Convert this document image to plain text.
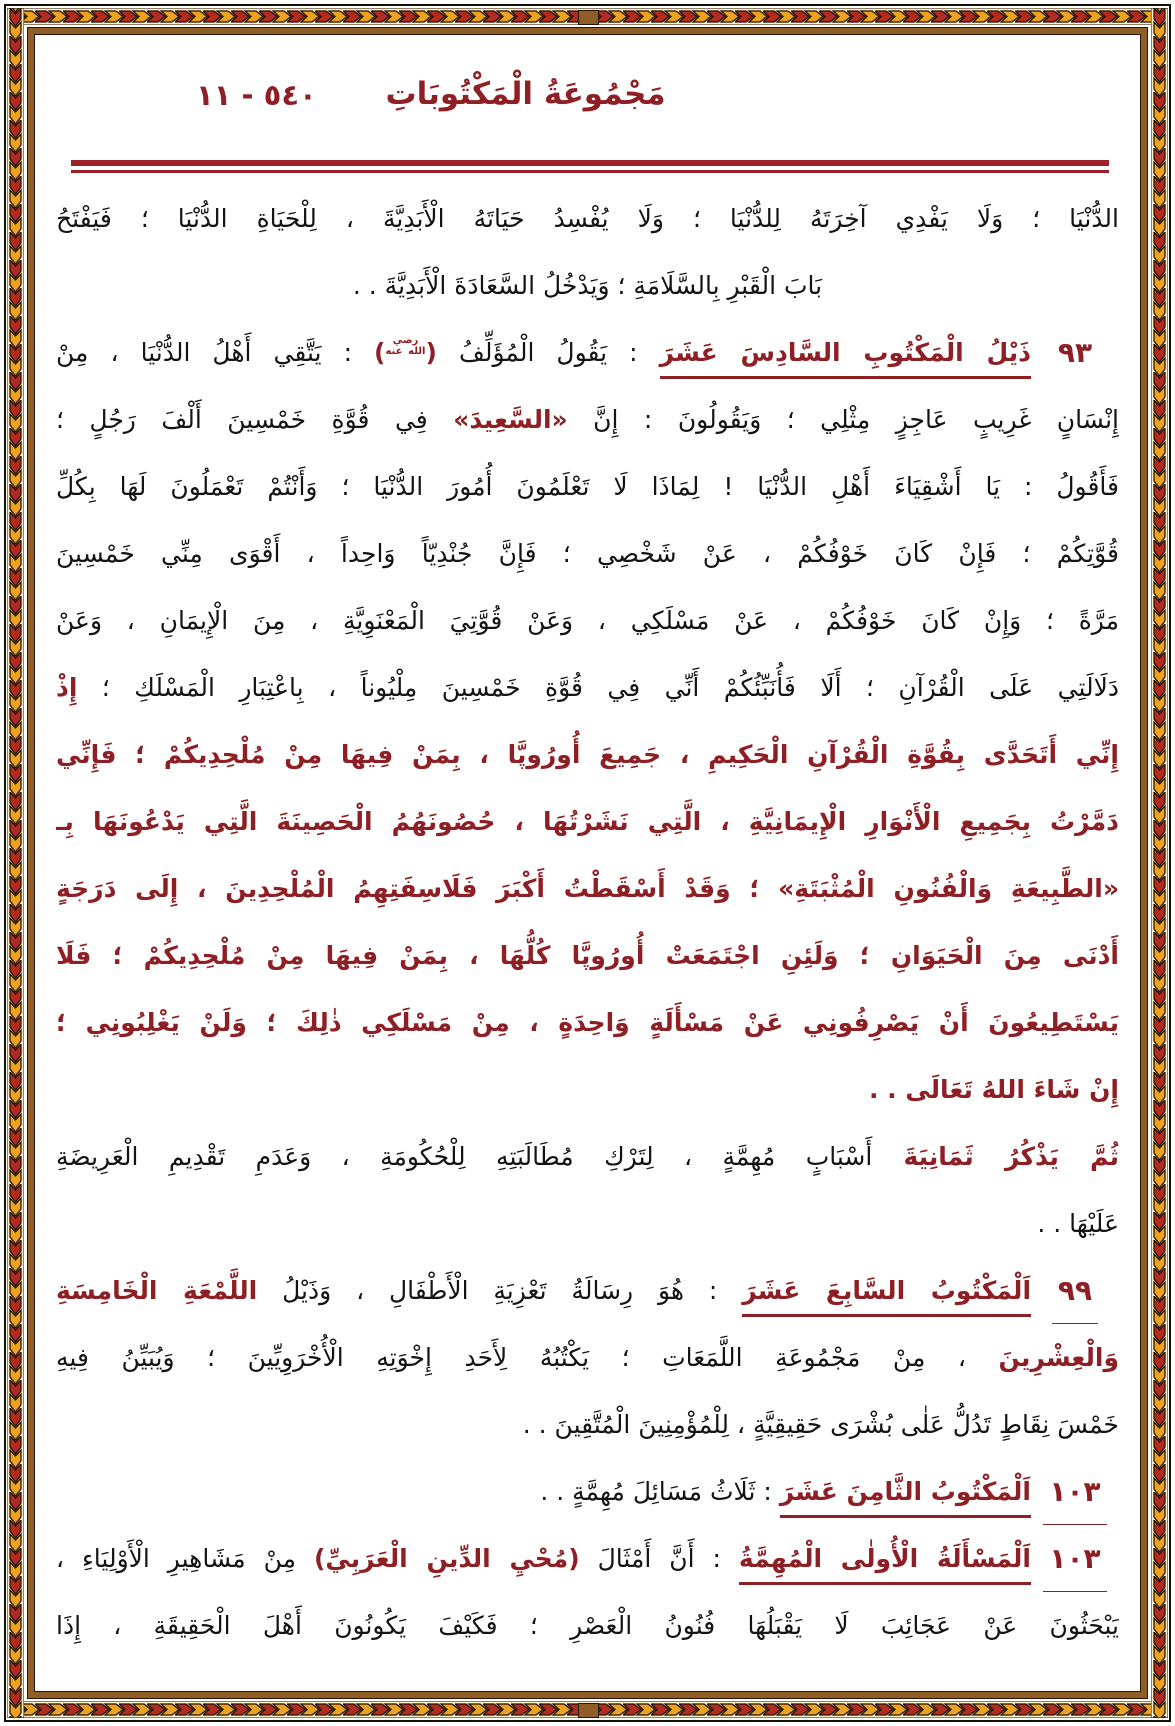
مَجْمُوعَةُ الْمَكْتُوبَاتِ
٥٤٠ - ١١
الدُّنْيَا ؛ وَلَا يَفْدِي آخِرَتَهُ لِلدُّنْيَا ؛ وَلَا يُفْسِدُ حَيَاتَهُ الْأَبَدِيَّةَ ، لِلْحَيَاةِ الدُّنْيَا ؛ فَيَفْتَحُ
بَابَ الْقَبْرِ بِالسَّلَامَةِ ؛ وَيَدْخُلُ السَّعَادَةَ الْأَبَدِيَّةَ . .
٩٣
ذَيْلُ الْمَكْتُوبِ السَّادِسَ عَشَرَ : يَقُولُ الْمُؤَلِّفُ (رضي الله عنه) : يَتَّقِي أَهْلُ الدُّنْيَا ، مِنْ
إِنْسَانٍ غَرِيبٍ عَاجِزٍ مِثْلِي ؛ وَيَقُولُونَ : إِنَّ «السَّعِيدَ» فِي قُوَّةِ خَمْسِينَ أَلْفَ رَجُلٍ ؛
فَأَقُولُ : يَا أَشْقِيَاءَ أَهْلِ الدُّنْيَا ! لِمَاذَا لَا تَعْلَمُونَ أُمُورَ الدُّنْيَا ؛ وَأَنْتُمْ تَعْمَلُونَ لَهَا بِكُلِّ
قُوَّتِكُمْ ؛ فَإِنْ كَانَ خَوْفُكُمْ ، عَنْ شَخْصِي ؛ فَإِنَّ جُنْدِيّاً وَاحِداً ، أَقْوَى مِنِّي خَمْسِينَ
مَرَّةً ؛ وَإِنْ كَانَ خَوْفُكُمْ ، عَنْ مَسْلَكِي ، وَعَنْ قُوَّتِيَ الْمَعْنَوِيَّةِ ، مِنَ الْإِيمَانِ ، وَعَنْ
دَلَالَتِي عَلَى الْقُرْآنِ ؛ أَلَا فَأُنَبِّئُكُمْ أَنِّي فِي قُوَّةِ خَمْسِينَ مِلْيُوناً ، بِاعْتِبَارِ الْمَسْلَكِ ؛ إِذْ
إِنِّي أَتَحَدَّى بِقُوَّةِ الْقُرْآنِ الْحَكِيمِ ، جَمِيعَ أُورُوپَّا ، بِمَنْ فِيهَا مِنْ مُلْحِدِيكُمْ ؛ فَإِنِّي
دَمَّرْتُ بِجَمِيعِ الْأَنْوَارِ الْإِيمَانِيَّةِ ، الَّتِي نَشَرْتُهَا ، حُصُونَهُمُ الْحَصِينَةَ الَّتِي يَدْعُونَهَا بِـ
«الطَّبِيعَةِ وَالْفُنُونِ الْمُثْبَتَةِ» ؛ وَقَدْ أَسْقَطْتُ أَكْبَرَ فَلَاسِفَتِهِمُ الْمُلْحِدِينَ ، إِلَى دَرَجَةٍ
أَدْنَى مِنَ الْحَيَوَانِ ؛ وَلَئِنِ اجْتَمَعَتْ أُورُوپَّا كُلُّهَا ، بِمَنْ فِيهَا مِنْ مُلْحِدِيكُمْ ؛ فَلَا
يَسْتَطِيعُونَ أَنْ يَصْرِفُونِي عَنْ مَسْأَلَةٍ وَاحِدَةٍ ، مِنْ مَسْلَكِي ذٰلِكَ ؛ وَلَنْ يَغْلِبُونِي ؛
إِنْ شَاءَ اللهُ تَعَالَى . .
ثُمَّ يَذْكُرُ ثَمَانِيَةَ أَسْبَابٍ مُهِمَّةٍ ، لِتَرْكِ مُطَالَبَتِهِ لِلْحُكُومَةِ ، وَعَدَمِ تَقْدِيمِ الْعَرِيضَةِ
عَلَيْهَا . .
٩٩
اَلْمَكْتُوبُ السَّابِعَ عَشَرَ : هُوَ رِسَالَةُ تَعْزِيَةِ الْأَطْفَالِ ، وَذَيْلُ اللَّمْعَةِ الْخَامِسَةِ
وَالْعِشْرِينَ ، مِنْ مَجْمُوعَةِ اللَّمَعَاتِ ؛ يَكْتُبُهُ لِأَحَدِ إِخْوَتِهِ الْأُخْرَوِيِّينَ ؛ وَيُبَيِّنُ فِيهِ
خَمْسَ نِقَاطٍ تَدُلُّ عَلٰى بُشْرَى حَقِيقِيَّةٍ ، لِلْمُؤْمِنِينَ الْمُتَّقِينَ . .
١٠٣
اَلْمَكْتُوبُ الثَّامِنَ عَشَرَ : ثَلَاثُ مَسَائِلَ مُهِمَّةٍ . .
١٠٣
اَلْمَسْأَلَةُ الْأُولٰى الْمُهِمَّةُ : أَنَّ أَمْثَالَ (مُحْيِ الدِّينِ الْعَرَبِيِّ) مِنْ مَشَاهِيرِ الْأَوْلِيَاءِ ،
يَبْحَثُونَ عَنْ عَجَائِبَ لَا يَقْبَلُهَا فُنُونُ الْعَصْرِ ؛ فَكَيْفَ يَكُونُونَ أَهْلَ الْحَقِيقَةِ ، إِذَا
